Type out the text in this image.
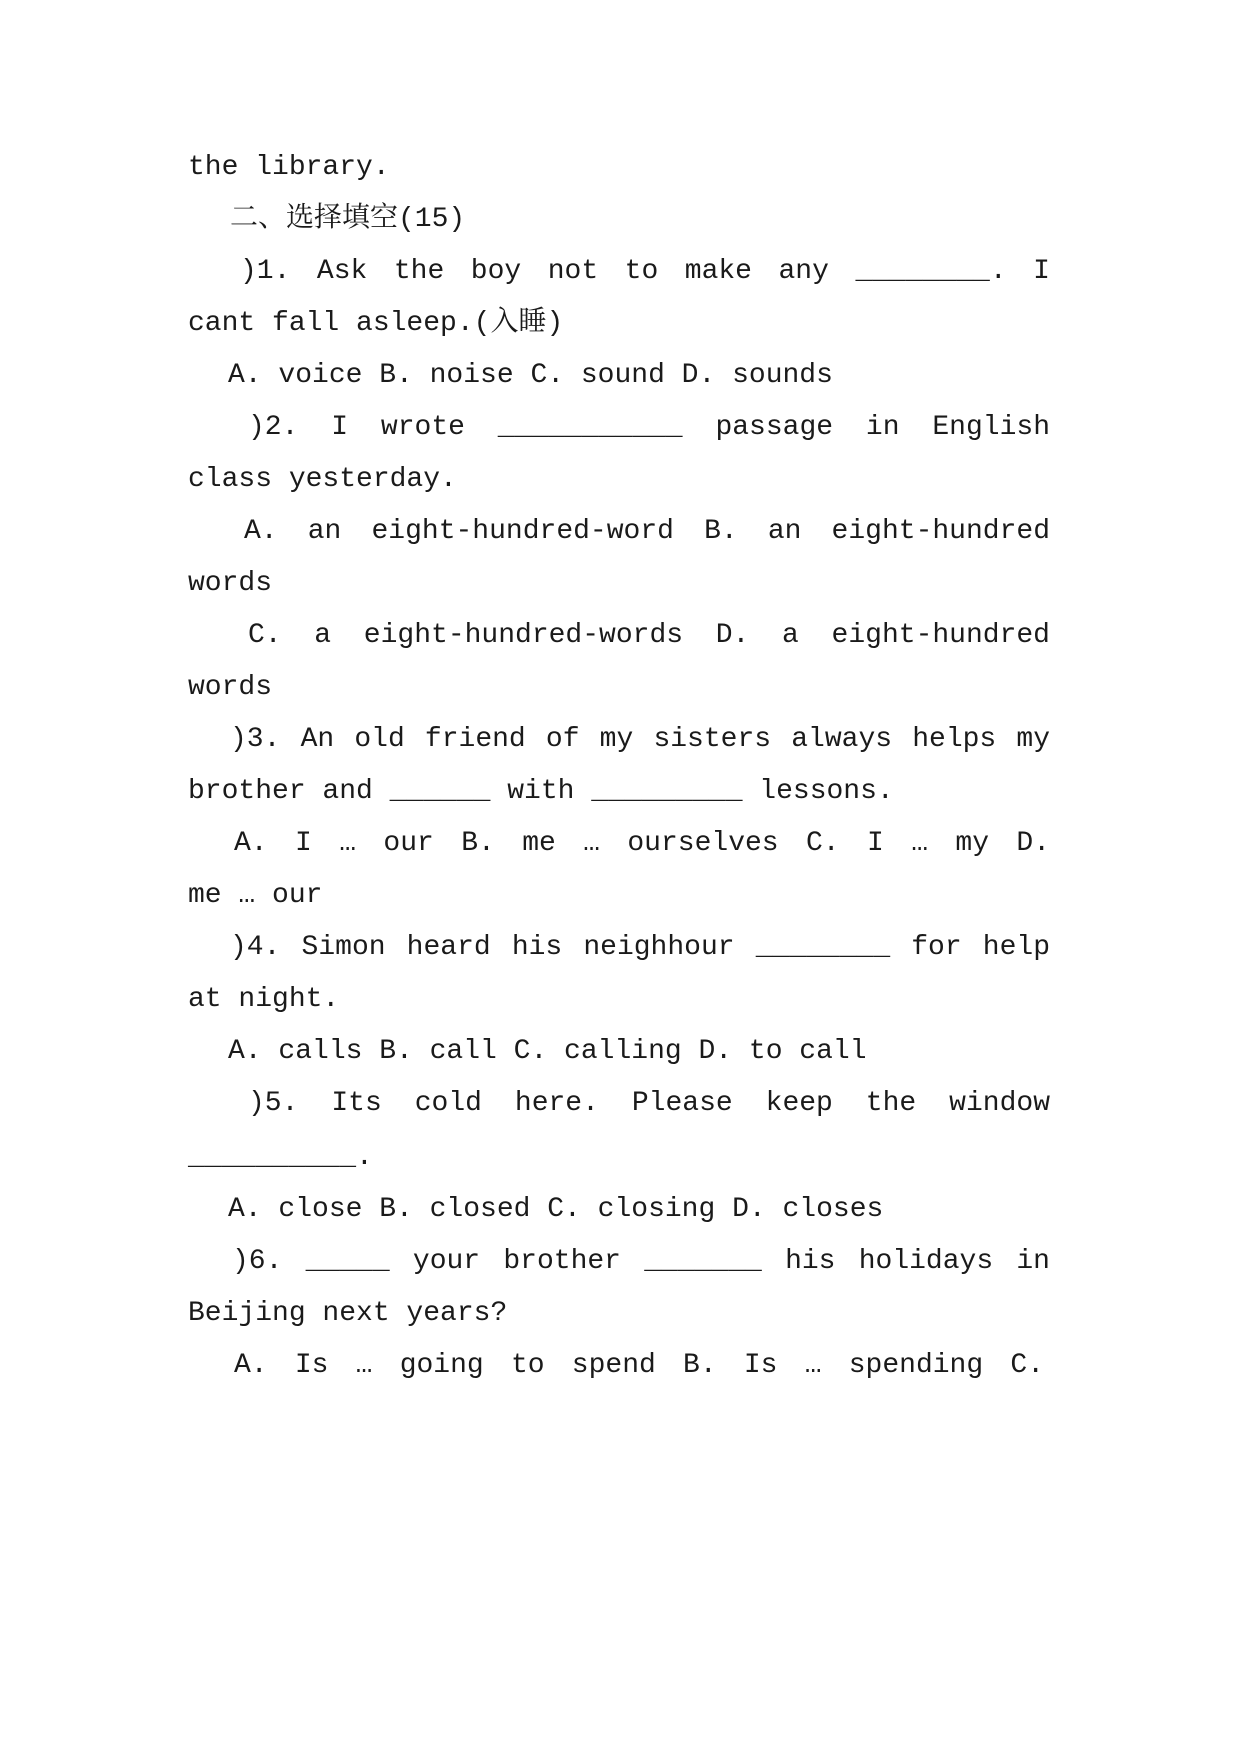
the library.
二、选择填空(15)
)1. Ask the boy not to make any ________. I
cant fall asleep.(入睡)
A. voice B. noise C. sound D. sounds
)2. I wrote ___________ passage in English
class yesterday.
A. an eight-hundred-word B. an eight-hundred
words
C. a eight-hundred-words D. a eight-hundred
words
)3. An old friend of my sisters always helps my
brother and ______ with _________ lessons.
A. I … our B. me … ourselves C. I … my D.
me … our
)4. Simon heard his neighhour ________ for help
at night.
A. calls B. call C. calling D. to call
)5. Its cold here. Please keep the window
__________.
A. close B. closed C. closing D. closes
)6. _____ your brother _______ his holidays in
Beijing next years?
A. Is … going to spend B. Is … spending C.
